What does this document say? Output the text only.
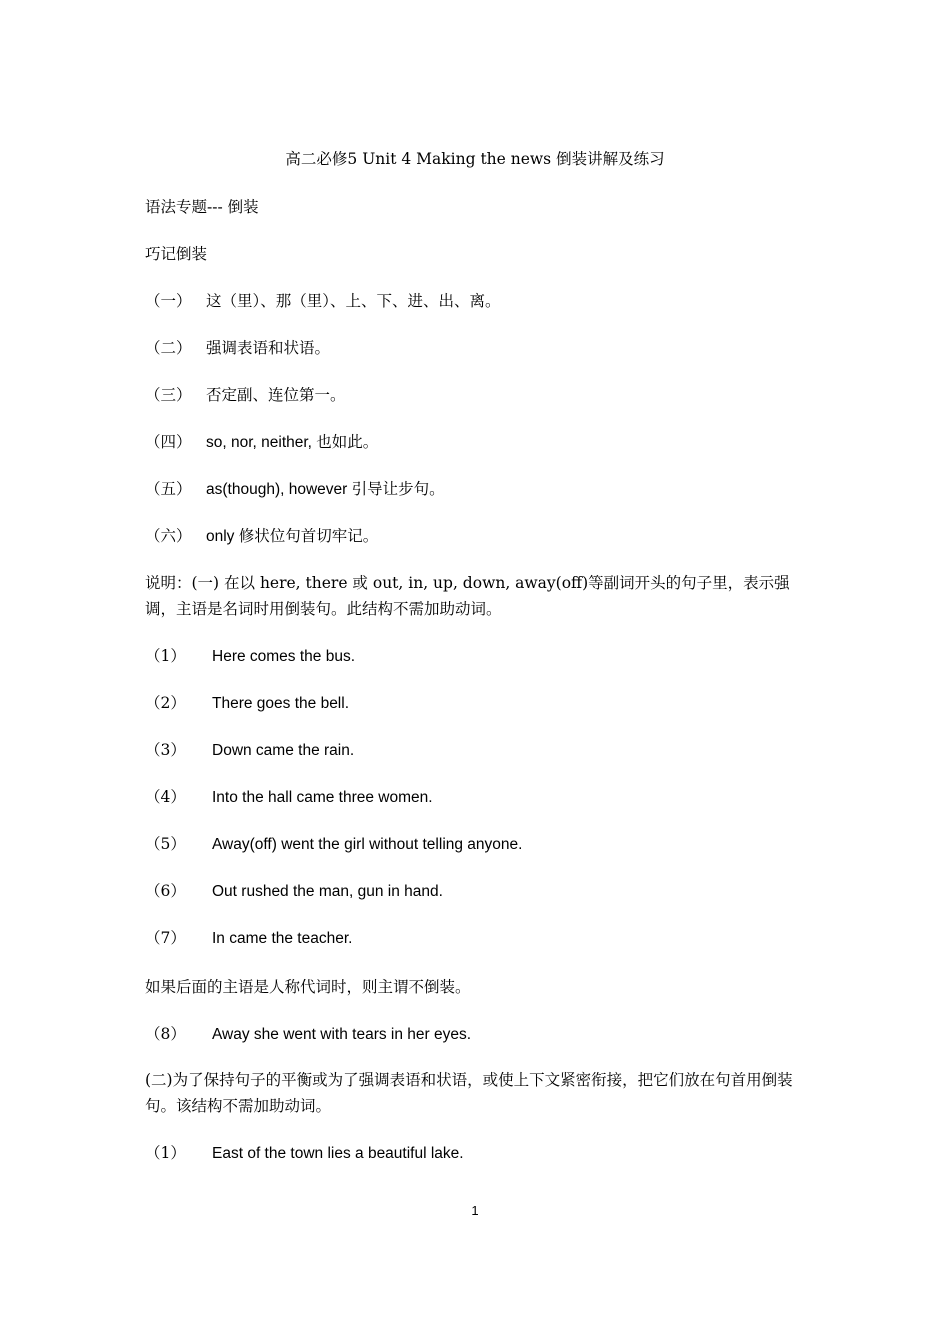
高二必修5 Unit 4 Making the news 倒装讲解及练习
语法专题--- 倒装
巧记倒装
（一） 这（里）、那（里）、上、下、进、出、离。
（二） 强调表语和状语。
（三） 否定副、连位第一。
（四） so, nor, neither, 也如此。
（五） as(though), however 引导让步句。
（六） only 修状位句首切牢记。
说明：(一) 在以 here, there 或 out, in, up, down, away(off)等副词开头的句子里，表示强调，主语是名词时用倒装句。此结构不需加助动词。
（1） Here comes the bus.
（2） There goes the bell.
（3） Down came the rain.
（4） Into the hall came three women.
（5） Away(off) went the girl without telling anyone.
（6） Out rushed the man, gun in hand.
（7） In came the teacher.
如果后面的主语是人称代词时，则主谓不倒装。
（8） Away she went with tears in her eyes.
(二)为了保持句子的平衡或为了强调表语和状语，或使上下文紧密衔接，把它们放在句首用倒装句。该结构不需加助动词。
（1） East of the town lies a beautiful lake.
1
